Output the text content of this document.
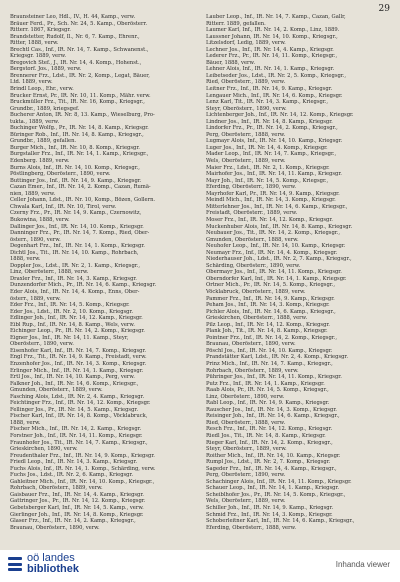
29

Braunsteiner Leo, Hdl., IV., H. 44, Kamp., verw.

Bräuer Ferd., Pr., Sch. Nr. 24, 5. Kamp., Oberösterr.

Ritterr. 1867, Kriegsgr.

Brandstetter, Rudolf, Il., Nr. 6, 7. Kamp., Ehrenr.,

Ritter, 1888, verw.

Brechtl Cas., Inf., IR. Nr. 14, 7. Kamp., Schwanenst.,

Kriegsgr. 1889, verw.

Bregovich Stef., J., IR. Nr. 14, 4. Komp., Hohenst.,

Bergstorf. Jos., 1889, verw.

Brennerer Frz., Ldst., IR. Nr. 2, Komp., Legat, Bäuer,

Ltd. 1889, verw.

Brindl Leop., Ehr., verw.

Brucker Ernst, Pr., IR. Nr. 10, 11. Komp., Mähr. verw.

Bruckmüller Frz., Tit., IR. Nr. 16, Komp., Kriegsgr.,

Grundbr., 1889, kriegsgef.

Bucherer Anton, IR. Nr. 8, 13. Kamp., Wieselburg, Pro-

tukta., 1889, verw.

Buchinger Wolfg., Pr., IR. Nr. 14, 8. Kamp., Kriegsgr.

Büringer Rob., Inf., IR. Nr. 14, 8. Kamp., Kriegsgr.,

Grundbr., 1889, gefallen.

Burger Mich., Inf., IR. Nr. 10, 8. Komp., Kriegsgr.

Burgstaller Frz., Inf., IR. Nr. 14, 1. Kamp., Kriegsgr.,

Edenberg. 1889, verw.

Burns Alois, Inf., IR. Nr. 14, 10. Komp., Kriegsgr.,

Pöstlingberg, Oberösterr., 1890, verw.

Buttinger Jos., Inf., IR. Nr. 14, 9. Kamp., Kriegsgr.

Cazan Emer., Inf., IR. Nr. 14, 2. Komp., Cazan, Rumä-

nien, 1889, verw.

Celler Johann, Ldst., IR. Nr. 10, Komp., Bözen, Gollern.

Chwala Karl, Inf., IR. Nr. 10, Tirol, verw.

Czerny Frz., Pr., IR. Nr. 14, 9. Kamp., Czernowitz,

Bukowina, 1888, verw.

Dallinger Jos., Inf., IR. Nr. 14, 10. Komp., Kriegsgr.

Danninger Frz., Pr., IR. Nr. 14, 7. Komp., Ried, Ober-

österr., 1890, verw.

Degenhart Frz., Inf., IR. Nr. 14, 1. Komp., Kriegsgr.

Dichtl Jos., Tit., IR. Nr. 14, 10. Kamp., Rohrbach,

1888, verw.

Doppler Jos., Ldst., IR. Nr. 2, 1. Kamp., Kriegsgr.,

Linz, Oberösterr., 1888, verw.

Draxler Frz., Inf., IR. Nr. 14, 3. Kamp., Kriegsgr.

Dunzendorfer Mich., Pr., IR. Nr. 14, 6. Kamp., Kriegsgr.

Eder Alois, Inf., IR. Nr. 14, 4. Komp., Enns, Ober-

österr., 1889, verw.

Eder Frz., Inf., IR. Nr. 14, 5. Komp., Kriegsgr.

Eder Jos., Ldst., IR. Nr. 2, 10. Komp., Kriegsgr.

Edlinger Joh., Inf., IR. Nr. 14, 12. Kamp., Kriegsgr.

Eibl Rup., Inf., IR. Nr. 14, 8. Kamp., Wels, verw.

Eichinger Leop., Pr., IR. Nr. 14, 2. Komp., Kriegsgr.

Eigner Jos., Inf., IR. Nr. 14, 11. Kamp., Steyr,

Oberösterr., 1890, verw.

Eisenhofer Karl, Inf., IR. Nr. 14, 7. Komp., Kriegsgr.

Engl Frz., Tit., IR. Nr. 14, 9. Kamp., Freistadt, verw.

Enzenhofer Jos., Inf., IR. Nr. 14, 3. Komp., Kriegsgr.

Erlinger Mich., Inf., IR. Nr. 14, 1. Kamp., Kriegsgr.

Ertl Jos., Inf., IR. Nr. 14, 10. Kamp., Perg, verw.

Falkner Joh., Inf., IR. Nr. 14, 6. Komp., Kriegsgr.,

Gmunden, Oberösterr., 1889, verw.

Fasching Alois, Ldst., IR. Nr. 2, 4. Kamp., Kriegsgr.

Feichtinger Frz., Inf., IR. Nr. 14, 12. Komp., Kriegsgr.

Fellinger Jos., Pr., IR. Nr. 14, 5. Kamp., Kriegsgr.

Fischer Karl, Inf., IR. Nr. 14, 8. Komp., Vöcklabruck,

1888, verw.

Fischer Mich., Inf., IR. Nr. 14, 2. Kamp., Kriegsgr.

Forstner Joh., Inf., IR. Nr. 14, 11. Komp., Kriegsgr.

Fraunhofer Jos., Tit., IR. Nr. 14, 7. Kamp., Kriegsgr.,

Grieskirchen, 1890, verw.

Freudenthaler Frz., Inf., IR. Nr. 14, 9. Komp., Kriegsgr.

Friedl Leop., Inf., IR. Nr. 14, 3. Kamp., Kriegsgr.

Fuchs Alois, Inf., IR. Nr. 14, 1. Komp., Schärding, verw.

Fuchs Jos., Ldst., IR. Nr. 2, 6. Kamp., Kriegsgr.

Gahleitner Mich., Inf., IR. Nr. 14, 10. Komp., Kriegsgr.,

Rohrbach, Oberösterr., 1889, verw.

Gaisbauer Frz., Inf., IR. Nr. 14, 4. Kamp., Kriegsgr.

Gattringer Jos., Pr., IR. Nr. 14, 12. Komp., Kriegsgr.

Gebetsberger Karl, Inf., IR. Nr. 14, 5. Kamp., verw.

Gierlinger Joh., Inf., IR. Nr. 14, 8. Komp., Kriegsgr.

Glaser Frz., Inf., IR. Nr. 14, 2. Kamp., Kriegsgr.,

Braunau, Oberösterr., 1890, verw.

Lauber Leop., Inf., IR. Nr. 14, 7. Kamp., Cazan, Gallr,

Ritterr. 1889, gefallen.

Laumer Karl, Inf., IR. Nr. 14, 2. Komp., Linz, 1889.

Laussner Johann, IR. Nr. 14, 10. Komp., Kriegsgr.,

Litzelsdorf, Ledig, 1889, verw.

Lechner Jos., Inf., IR. Nr. 14, 4. Kamp., Kriegsgr.

Lederer Frz., Pr., IR. Nr. 14, 11. Komp., Kriegsgr.,

Bäuer, 1888, verw.

Lehner Alois, Inf., IR. Nr. 14, 1. Kamp., Kriegsgr.

Leibetseder Jos., Ldst., IR. Nr. 2, 5. Komp., Kriegsgr.,

Ried, Oberösterr., 1889, verw.

Leitner Frz., Inf., IR. Nr. 14, 9. Kamp., Kriegsgr.

Lengauer Mich., Inf., IR. Nr. 14, 6. Komp., Kriegsgr.

Lenz Karl, Tit., IR. Nr. 14, 3. Kamp., Kriegsgr.,

Steyr, Oberösterr., 1890, verw.

Lichtenberger Joh., Inf., IR. Nr. 14, 12. Komp., Kriegsgr.

Lindner Jos., Inf., IR. Nr. 14, 8. Kamp., Kriegsgr.

Lindorfer Frz., Pr., IR. Nr. 14, 2. Komp., Kriegsgr.,

Perg, Oberösterr., 1888, verw.

Lugmayr Alois, Inf., IR. Nr. 14, 10. Kamp., Kriegsgr.

Luger Jos., Inf., IR. Nr. 14, 4. Komp., Kriegsgr.

Mader Leop., Inf., IR. Nr. 14, 7. Kamp., Kriegsgr.,

Wels, Oberösterr., 1889, verw.

Maier Frz., Ldst., IR. Nr. 2, 1. Komp., Kriegsgr.

Mairhofer Jos., Inf., IR. Nr. 14, 11. Kamp., Kriegsgr.

Mayr Joh., Inf., IR. Nr. 14, 5. Komp., Kriegsgr.,

Eferding, Oberösterr., 1890, verw.

Mayrhofer Karl, Pr., IR. Nr. 14, 9. Kamp., Kriegsgr.

Meindl Mich., Inf., IR. Nr. 14, 3. Komp., Kriegsgr.

Mitterlehner Jos., Inf., IR. Nr. 14, 6. Kamp., Kriegsgr.,

Freistadt, Oberösterr., 1889, verw.

Moser Frz., Inf., IR. Nr. 14, 12. Komp., Kriegsgr.

Muckenhuber Alois, Inf., IR. Nr. 14, 8. Kamp., Kriegsgr.

Neubauer Jos., Tit., IR. Nr. 14, 2. Komp., Kriegsgr.,

Gmunden, Oberösterr., 1888, verw.

Neuhofer Leop., Inf., IR. Nr. 14, 10. Kamp., Kriegsgr.

Neumayr Frz., Inf., IR. Nr. 14, 4. Komp., Kriegsgr.

Niederhauser Joh., Ldst., IR. Nr. 2, 7. Kamp., Kriegsgr.,

Schärding, Oberösterr., 1890, verw.

Obermayr Jos., Inf., IR. Nr. 14, 11. Komp., Kriegsgr.

Oberndorfer Karl, Inf., IR. Nr. 14, 1. Kamp., Kriegsgr.

Ortner Mich., Pr., IR. Nr. 14, 5. Komp., Kriegsgr.,

Vöcklabruck, Oberösterr., 1889, verw.

Pammer Frz., Inf., IR. Nr. 14, 9. Kamp., Kriegsgr.

Peham Jos., Inf., IR. Nr. 14, 3. Komp., Kriegsgr.

Pichler Alois, Inf., IR. Nr. 14, 6. Kamp., Kriegsgr.,

Grieskirchen, Oberösterr., 1888, verw.

Pilz Leop., Inf., IR. Nr. 14, 12. Komp., Kriegsgr.

Plank Joh., Tit., IR. Nr. 14, 8. Kamp., Kriegsgr.

Pointner Frz., Inf., IR. Nr. 14, 2. Komp., Kriegsgr.,

Braunau, Oberösterr., 1890, verw.

Pöschl Jos., Inf., IR. Nr. 14, 10. Kamp., Kriegsgr.

Prandstätter Karl, Ldst., IR. Nr. 2, 4. Komp., Kriegsgr.

Prinz Mich., Inf., IR. Nr. 14, 7. Kamp., Kriegsgr.,

Rohrbach, Oberösterr., 1889, verw.

Pühringer Jos., Inf., IR. Nr. 14, 11. Komp., Kriegsgr.

Putz Frz., Inf., IR. Nr. 14, 1. Kamp., Kriegsgr.

Raab Alois, Pr., IR. Nr. 14, 5. Komp., Kriegsgr.,

Linz, Oberösterr., 1890, verw.

Rabl Leop., Inf., IR. Nr. 14, 9. Kamp., Kriegsgr.

Rauscher Jos., Inf., IR. Nr. 14, 3. Komp., Kriegsgr.

Reisinger Joh., Inf., IR. Nr. 14, 6. Kamp., Kriegsgr.,

Ried, Oberösterr., 1888, verw.

Resch Frz., Inf., IR. Nr. 14, 12. Komp., Kriegsgr.

Riedl Jos., Tit., IR. Nr. 14, 8. Kamp., Kriegsgr.

Rieger Karl, Inf., IR. Nr. 14, 2. Komp., Kriegsgr.,

Steyr, Oberösterr., 1889, verw.

Roither Mich., Inf., IR. Nr. 14, 10. Kamp., Kriegsgr.

Rumpl Jos., Ldst., IR. Nr. 2, 7. Komp., Kriegsgr.

Sageder Frz., Inf., IR. Nr. 14, 4. Kamp., Kriegsgr.,

Perg, Oberösterr., 1890, verw.

Schachinger Alois, Inf., IR. Nr. 14, 11. Komp., Kriegsgr.

Schauer Leop., Inf., IR. Nr. 14, 1. Kamp., Kriegsgr.

Scheiblhofer Jos., Pr., IR. Nr. 14, 5. Komp., Kriegsgr.,

Wels, Oberösterr., 1889, verw.

Schiller Joh., Inf., IR. Nr. 14, 9. Kamp., Kriegsgr.

Schmid Frz., Inf., IR. Nr. 14, 3. Komp., Kriegsgr.

Schoberleitner Karl, Inf., IR. Nr. 14, 6. Kamp., Kriegsgr.,

Eferding, Oberösterr., 1888, verw.

oö landes
bibliothek	Inhanda viewer
